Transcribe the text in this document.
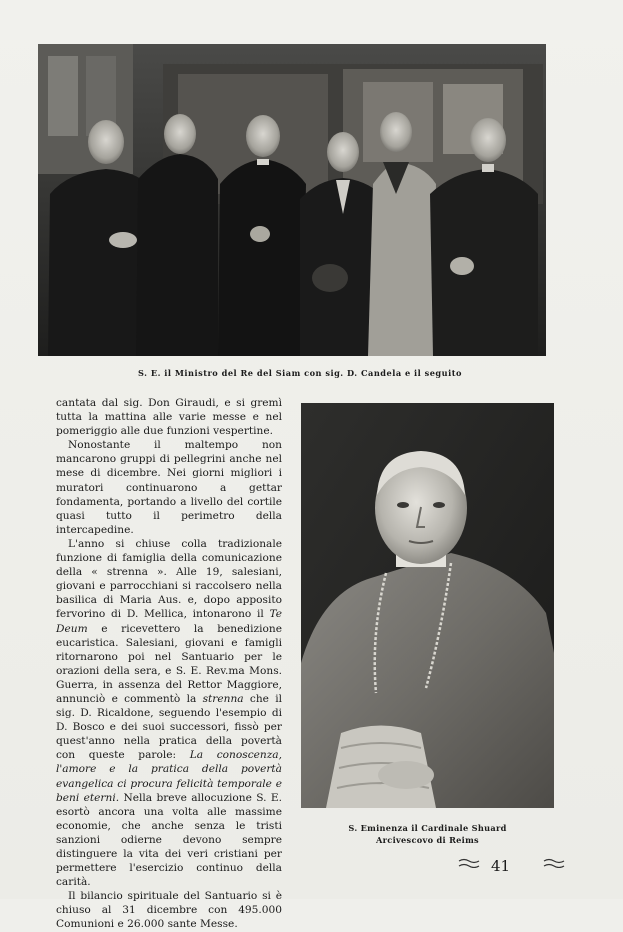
S. E. il Ministro del Re del Siam con sig. D. Candela e il seguito

cantata dal sig. Don Giraudi, e si gremì tutta la mattina alle varie messe e nel pomeriggio alle due funzioni vespertine.

Nonostante il maltempo non mancarono gruppi di pellegrini anche nel mese di dicembre. Nei giorni migliori i muratori continuarono a gettar fondamenta, portando a livello del cortile quasi tutto il perimetro della intercapedine.

L'anno si chiuse colla tradizionale funzione di famiglia della comunicazione della « strenna ». Alle 19, salesiani, giovani e parrocchiani si raccolsero nella basilica di Maria Aus. e, dopo apposito fervorino di D. Mellica, intonarono il Te Deum e ricevettero la benedizione eucaristica. Salesiani, giovani e famigli ritornarono poi nel Santuario per le orazioni della sera, e S. E. Rev.ma Mons. Guerra, in assenza del Rettor Maggiore, annunciò e commentò la strenna che il sig. D. Ricaldone, seguendo l'esempio di D. Bosco e dei suoi successori, fissò per quest'anno nella pratica della povertà con queste parole: La conoscenza, l'amore e la pratica della povertà evangelica ci procura felicità temporale e beni eterni. Nella breve allocuzione S. E. esortò ancora una volta alle massime economie, che anche senza le tristi sanzioni odierne devono sempre distinguere la vita dei veri cristiani per permettere l'esercizio continuo della carità.

Il bilancio spirituale del Santuario si è chiuso al 31 dicembre con 495.000 Comunioni e 26.000 sante Messe.

S. Eminenza il Cardinale Shuard
Arcivescovo di Reims
41
